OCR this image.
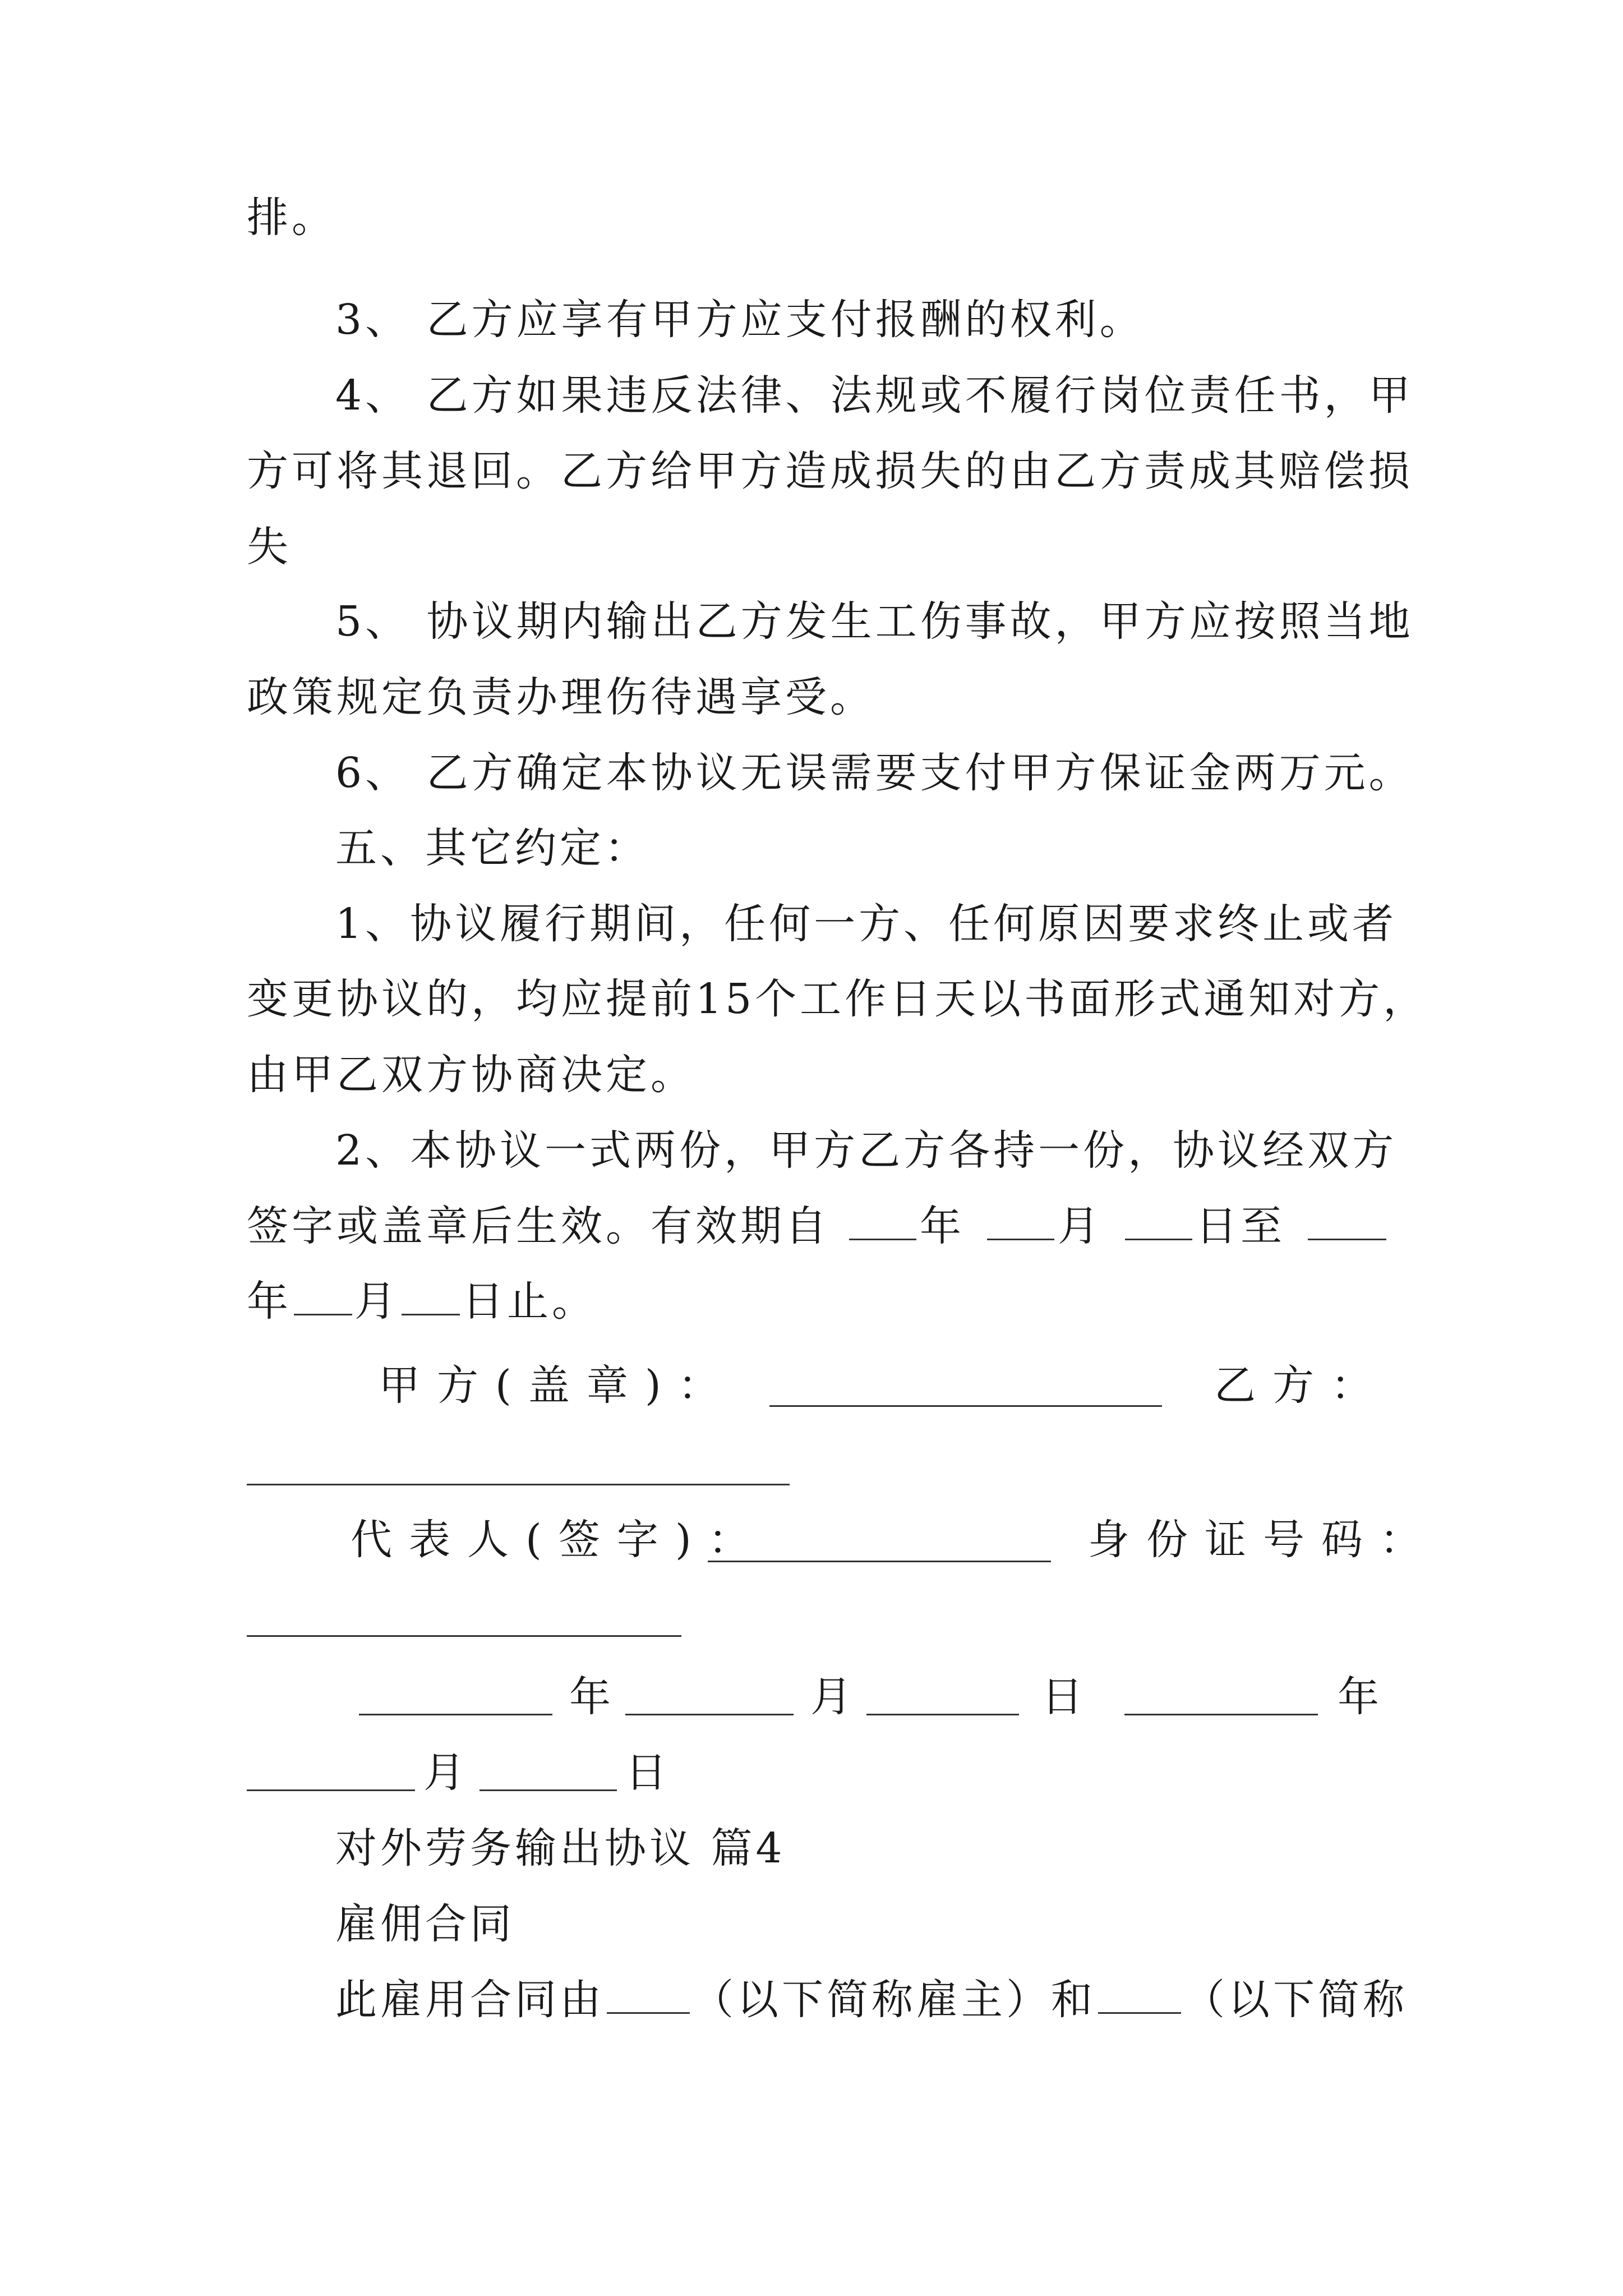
排。

3、 乙方应享有甲方应支付报酬的权利。

4、 乙方如果违反法律、法规或不履行岗位责任书，甲

方可将其退回。乙方给甲方造成损失的由乙方责成其赔偿损

失

5、 协议期内输出乙方发生工伤事故，甲方应按照当地

政策规定负责办理伤待遇享受。

6、 乙方确定本协议无误需要支付甲方保证金两万元。

五、其它约定：

1、协议履行期间，任何一方、任何原因要求终止或者

变更协议的，均应提前15个工作日天以书面形式通知对方，

由甲乙双方协商决定。

2、本协议一式两份，甲方乙方各持一份，协议经双方

签字或盖章后生效。有效期自 年 月 日至

年 月 日止。

甲方(盖章)：	乙方：

代表人(签字)：	身份证号码：

年	月	日	年

月	日

对外劳务输出协议 篇4

雇佣合同

此雇用合同由 （以下简称雇主）和 （以下简称
